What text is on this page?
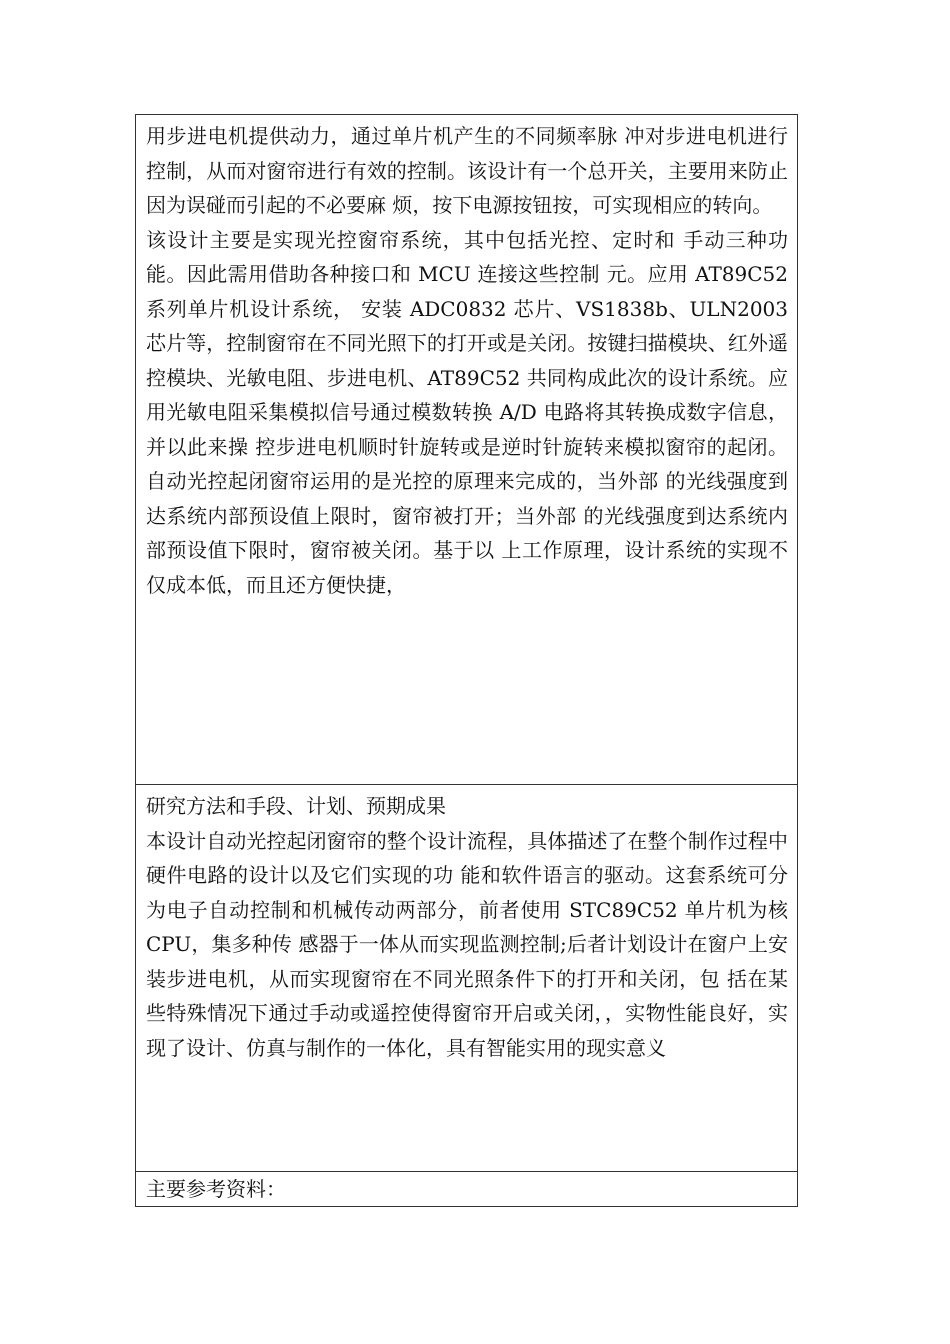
用步进电机提供动力，通过单片机产生的不同频率脉 冲对步进电机进行控制，从而对窗帘进行有效的控制。该设计有一个总开关，主要用来防止因为误碰而引起的不必要麻 烦，按下电源按钮按，可实现相应的转向。

该设计主要是实现光控窗帘系统，其中包括光控、定时和 手动三种功能。因此需用借助各种接口和 MCU 连接这些控制 元。应用 AT89C52 系列单片机设计系统， 安装 ADC0832 芯片、VS1838b、ULN2003 芯片等，控制窗帘在不同光照下的打开或是关闭。按键扫描模块、红外遥控模块、光敏电阻、步进电机、AT89C52 共同构成此次的设计系统。应用光敏电阻采集模拟信号通过模数转换 A/D 电路将其转换成数字信息，并以此来操 控步进电机顺时针旋转或是逆时针旋转来模拟窗帘的起闭。 自动光控起闭窗帘运用的是光控的原理来完成的，当外部 的光线强度到达系统内部预设值上限时，窗帘被打开；当外部 的光线强度到达系统内部预设值下限时，窗帘被关闭。基于以 上工作原理，设计系统的实现不仅成本低，而且还方便快捷，

研究方法和手段、计划、预期成果

本设计自动光控起闭窗帘的整个设计流程，具体描述了在整个制作过程中硬件电路的设计以及它们实现的功 能和软件语言的驱动。这套系统可分为电子自动控制和机械传动两部分，前者使用 STC89C52 单片机为核 CPU，集多种传 感器于一体从而实现监测控制;后者计划设计在窗户上安装步进电机，从而实现窗帘在不同光照条件下的打开和关闭，包 括在某些特殊情况下通过手动或遥控使得窗帘开启或关闭，，实物性能良好，实现了设计、仿真与制作的一体化，具有智能实用的现实意义

主要参考资料：
